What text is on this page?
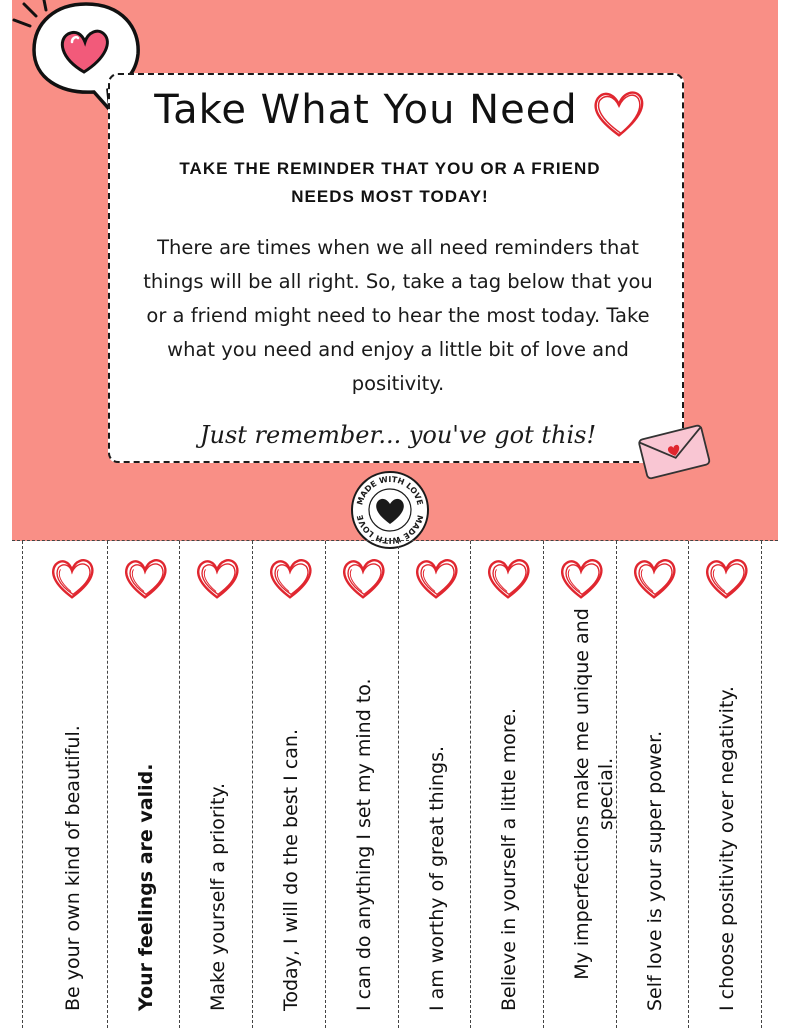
Take What You Need

TAKE THE REMINDER THAT YOU OR A FRIEND NEEDS MOST TODAY!

There are times when we all need reminders that things will be all right. So, take a tag below that you or a friend might need to hear the most today. Take what you need and enjoy a little bit of love and positivity.

Just remember... you've got this!

MADE WITH LOVE
MADE WITH LOVE
Be your own kind of beautiful.	Your feelings are valid.	Make yourself a priority.	Today, I will do the best I can.	I can do anything I set my mind to.	I am worthy of great things.	Believe in yourself a little more.	My imperfections make me unique and special. Self love is your super power.	I choose positivity over negativity.
